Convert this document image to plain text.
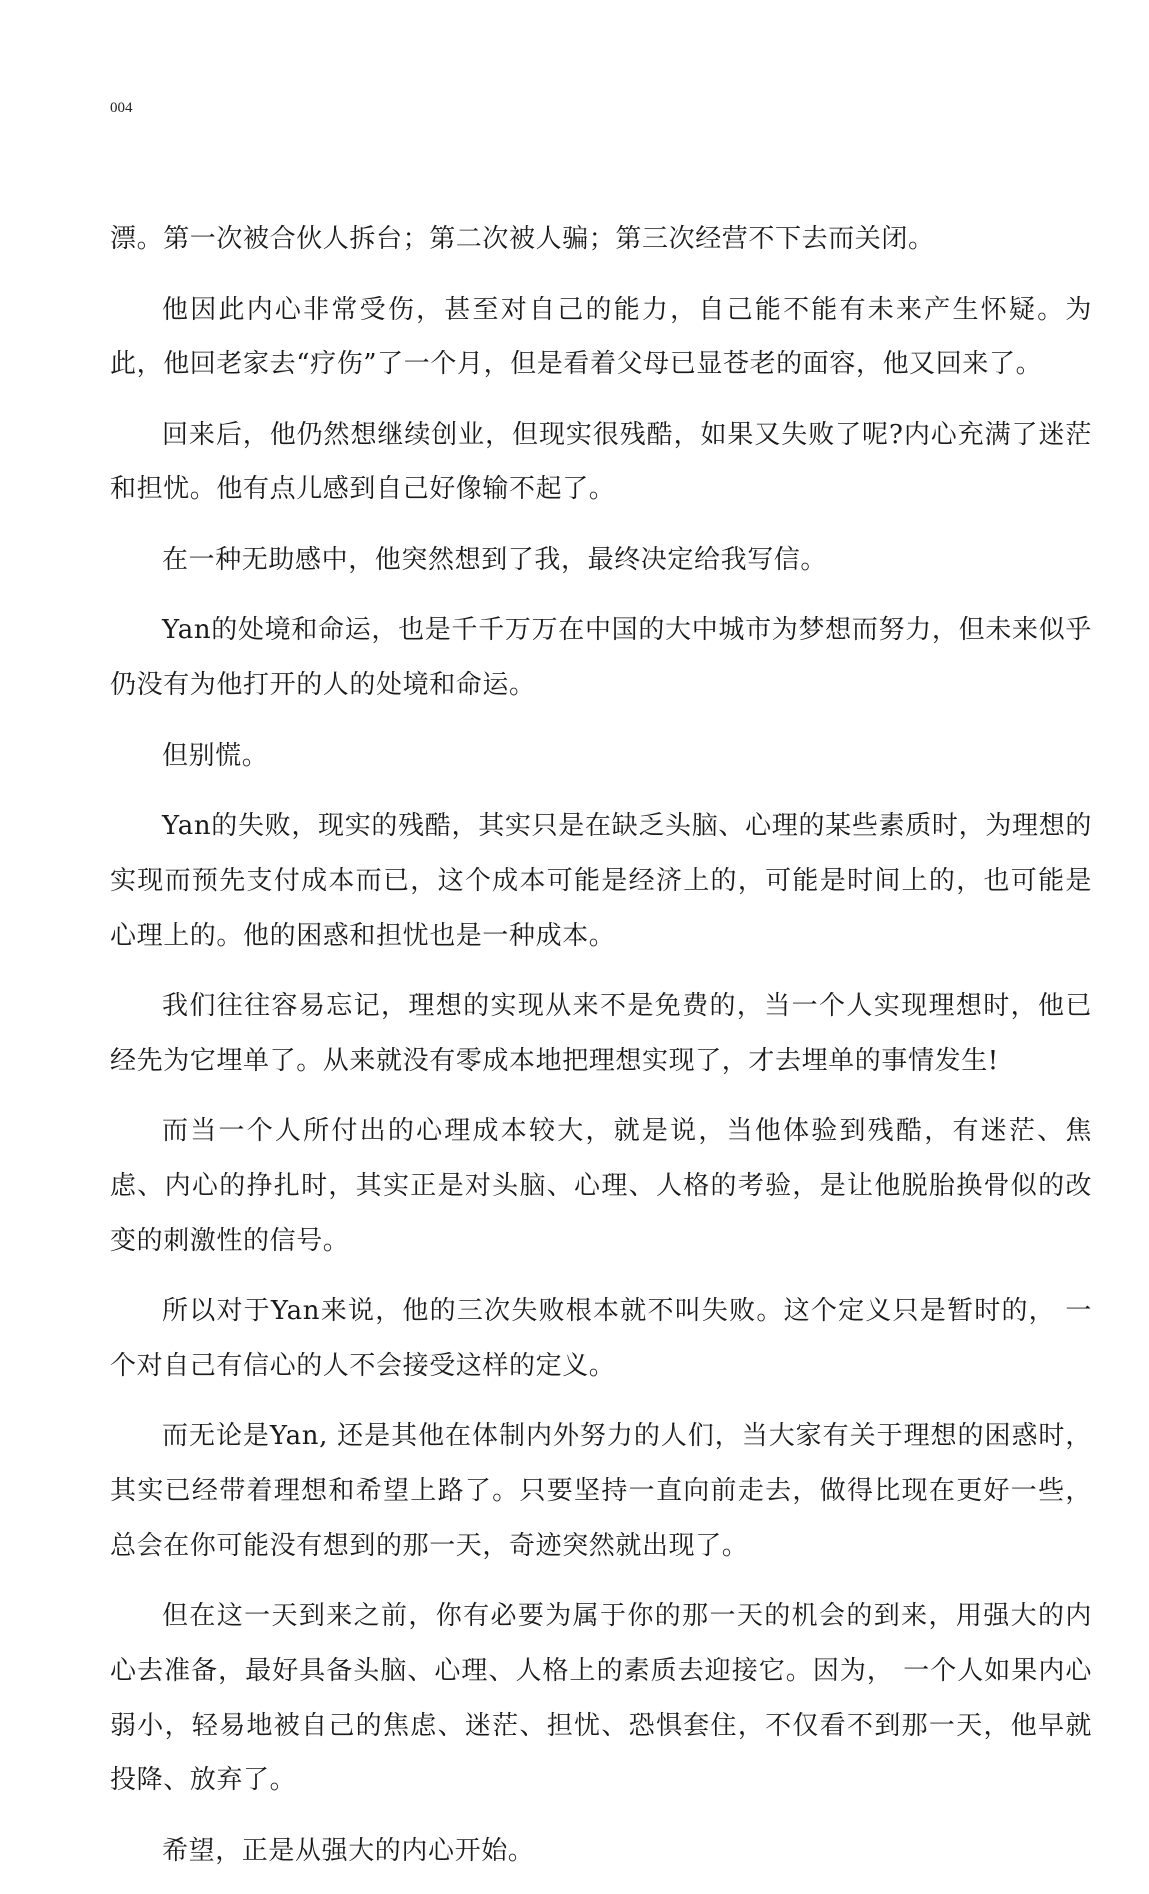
004

漂。第一次被合伙人拆台；第二次被人骗；第三次经营不下去而关闭。

他因此内心非常受伤，甚至对自己的能力，自己能不能有未来产生怀疑。为此，他回老家去“疗伤”了一个月，但是看着父母已显苍老的面容，他又回来了。

回来后，他仍然想继续创业，但现实很残酷，如果又失败了呢?内心充满了迷茫和担忧。他有点儿感到自己好像输不起了。

在一种无助感中，他突然想到了我，最终决定给我写信。

Yan的处境和命运，也是千千万万在中国的大中城市为梦想而努力，但未来似乎仍没有为他打开的人的处境和命运。

但别慌。

Yan的失败，现实的残酷，其实只是在缺乏头脑、心理的某些素质时，为理想的实现而预先支付成本而已，这个成本可能是经济上的，可能是时间上的，也可能是心理上的。他的困惑和担忧也是一种成本。

我们往往容易忘记，理想的实现从来不是免费的，当一个人实现理想时，他已经先为它埋单了。从来就没有零成本地把理想实现了，才去埋单的事情发生!

而当一个人所付出的心理成本较大，就是说，当他体验到残酷，有迷茫、焦虑、内心的挣扎时，其实正是对头脑、心理、人格的考验，是让他脱胎换骨似的改变的刺激性的信号。

所以对于Yan来说，他的三次失败根本就不叫失败。这个定义只是暂时的， 一个对自己有信心的人不会接受这样的定义。

而无论是Yan, 还是其他在体制内外努力的人们，当大家有关于理想的困惑时，其实已经带着理想和希望上路了。只要坚持一直向前走去，做得比现在更好一些，总会在你可能没有想到的那一天，奇迹突然就出现了。

但在这一天到来之前，你有必要为属于你的那一天的机会的到来，用强大的内心去准备，最好具备头脑、心理、人格上的素质去迎接它。因为， 一个人如果内心弱小，轻易地被自己的焦虑、迷茫、担忧、恐惧套住，不仅看不到那一天，他早就投降、放弃了。

希望，正是从强大的内心开始。
